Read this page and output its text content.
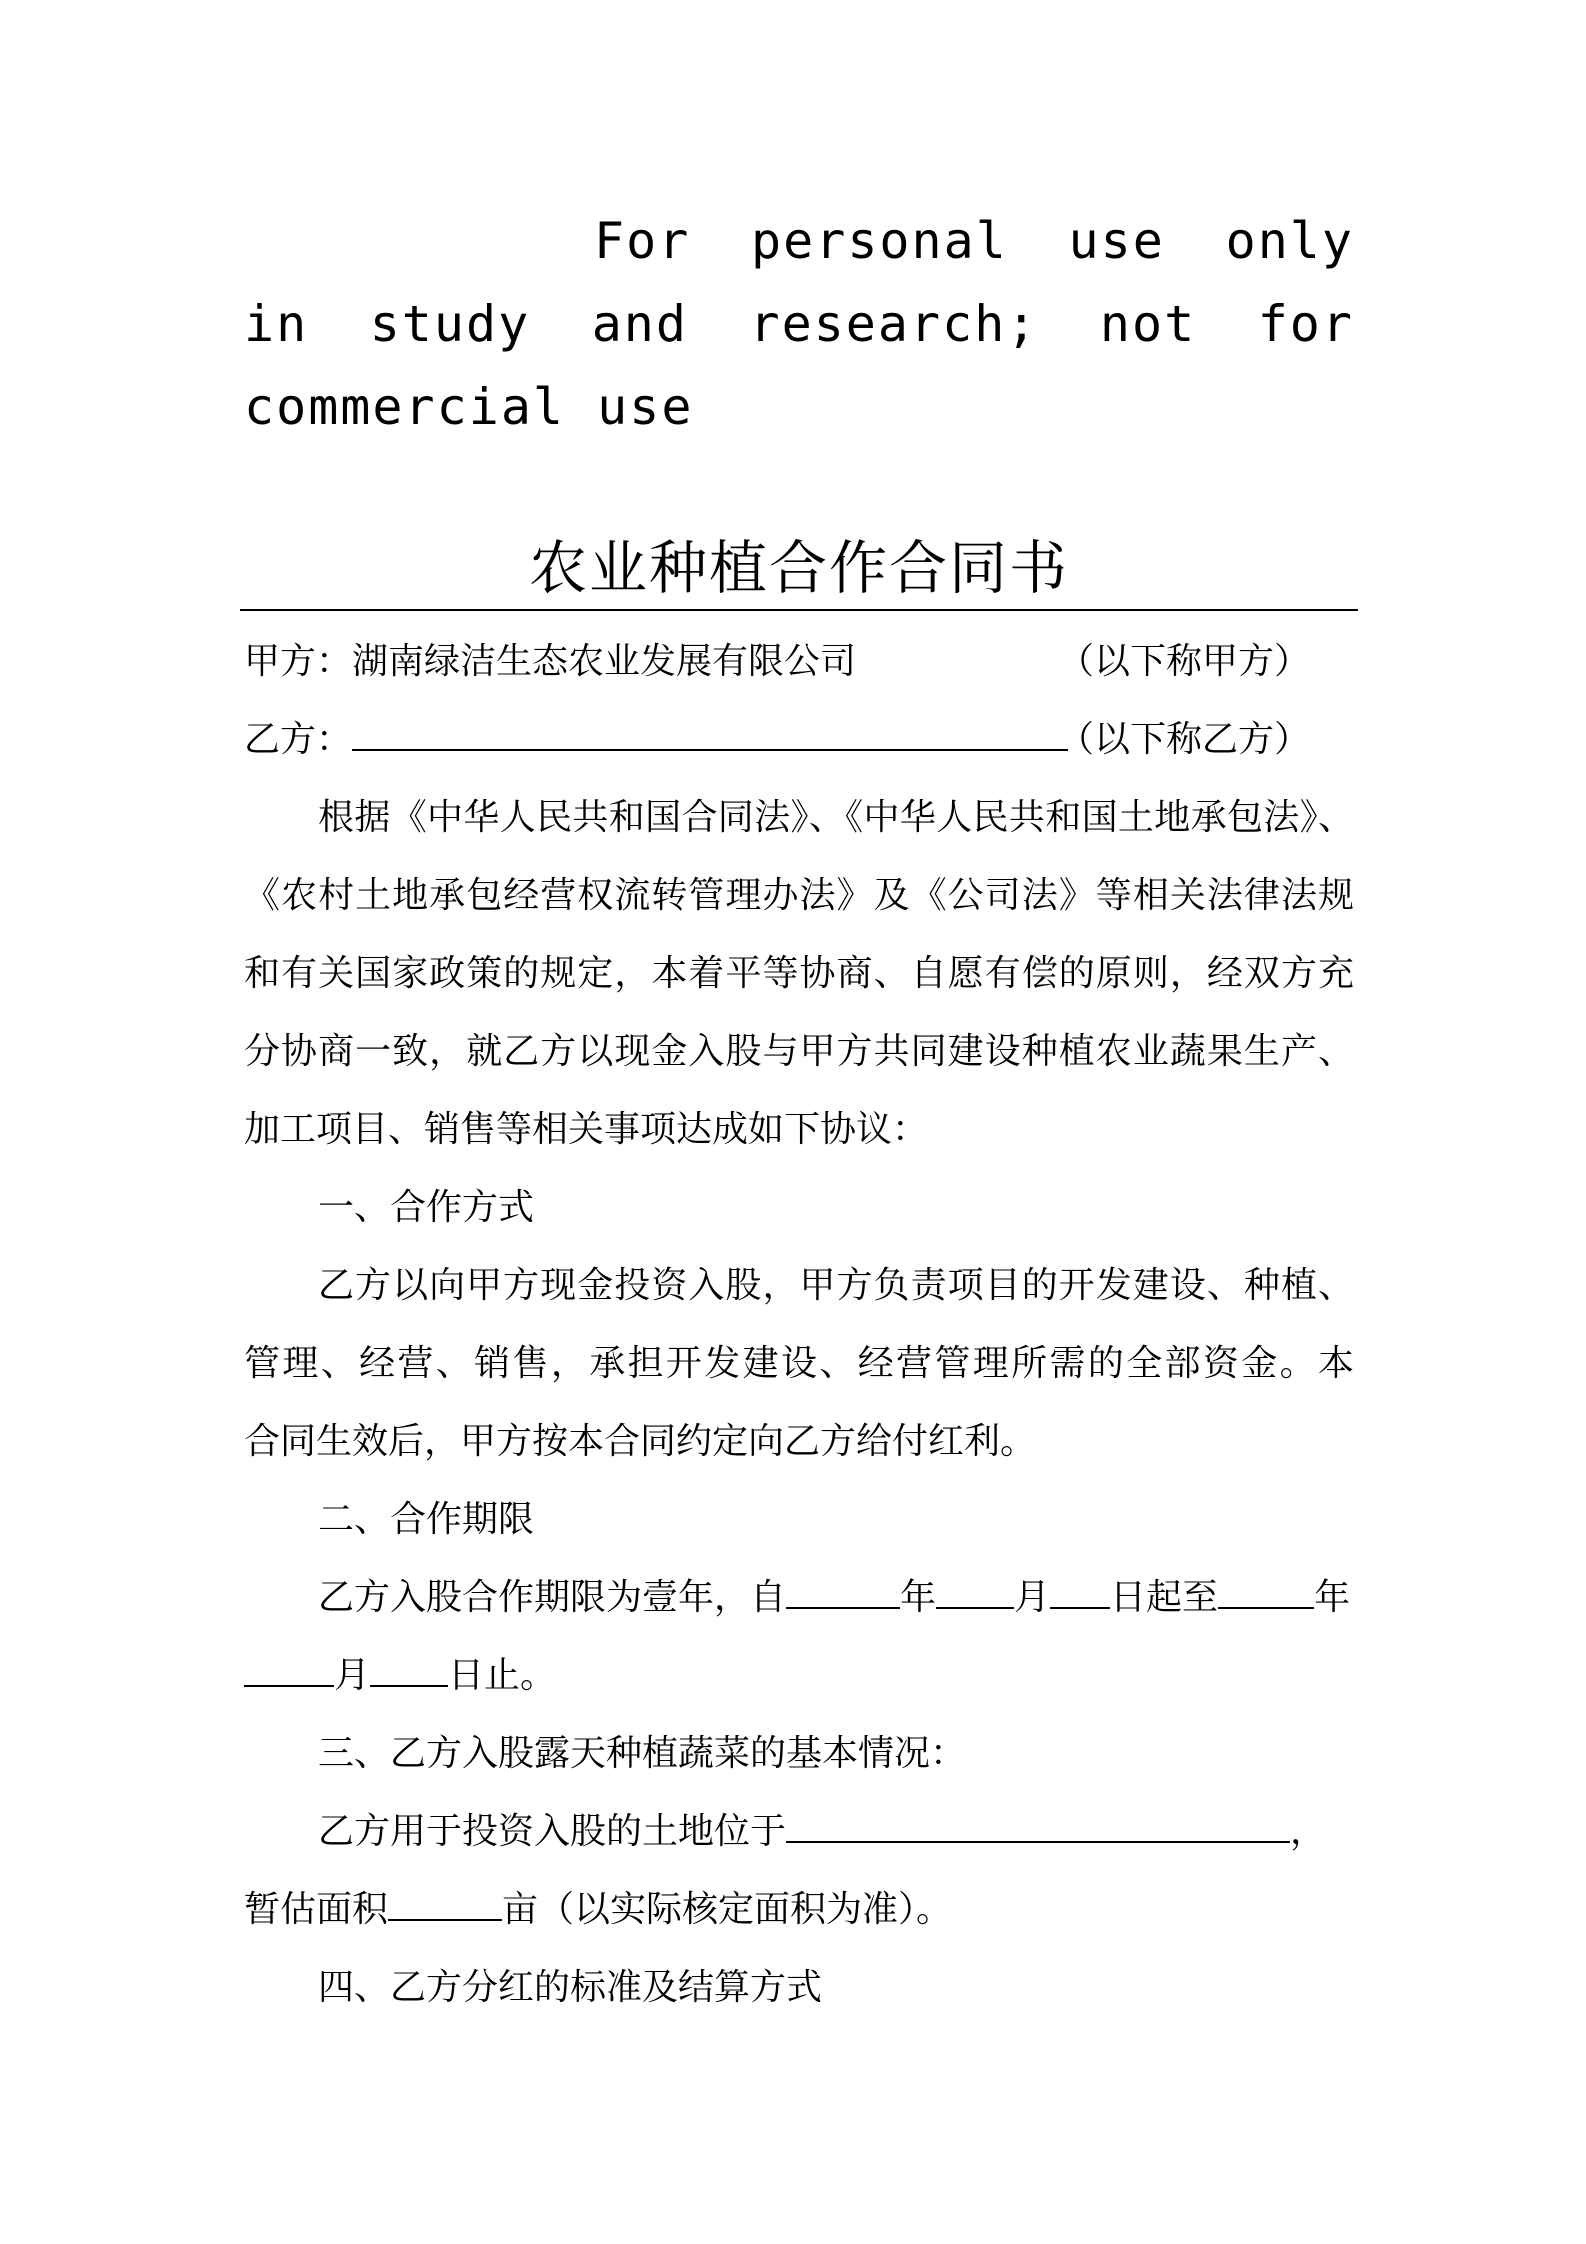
For personal use only in study and research; not for commercial use
农业种植合作合同书
甲方：湖南绿洁生态农业发展有限公司	（以下称甲方）
乙方：	（以下称乙方）
根据《中华人民共和国合同法》、《中华人民共和国土地承包法》、
《农村土地承包经营权流转管理办法》及《公司法》等相关法律法规
和有关国家政策的规定，本着平等协商、自愿有偿的原则，经双方充
分协商一致，就乙方以现金入股与甲方共同建设种植农业蔬果生产、
加工项目、销售等相关事项达成如下协议：
一、合作方式
乙方以向甲方现金投资入股，甲方负责项目的开发建设、种植、
管理、经营、销售，承担开发建设、经营管理所需的全部资金。本
合同生效后，甲方按本合同约定向乙方给付红利。
二、合作期限
乙方入股合作期限为壹年，自	年 月 日起至	年
月 日止。
三、乙方入股露天种植蔬菜的基本情况：
乙方用于投资入股的土地位于	，
暂估面积	亩（以实际核定面积为准）。
四、乙方分红的标准及结算方式
